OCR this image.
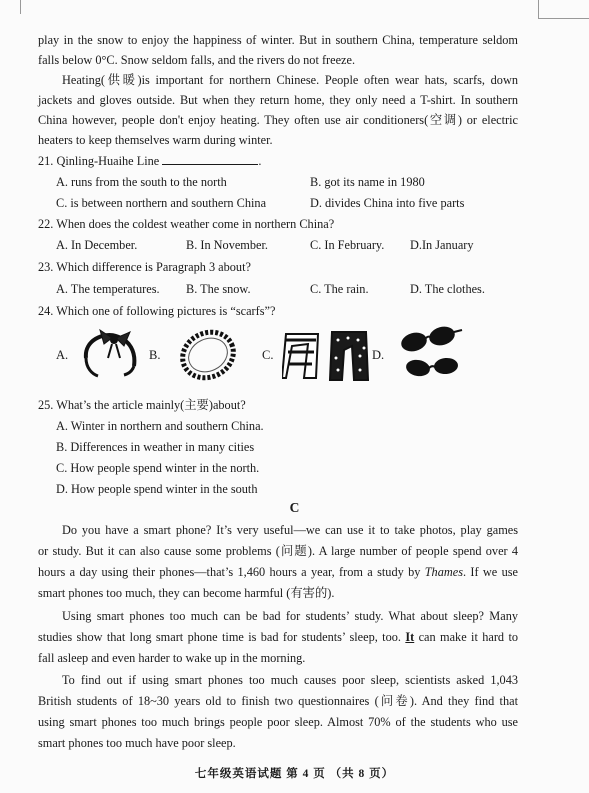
play in the snow to enjoy the happiness of winter. But in southern China, temperature seldom
falls below 0°C. Snow seldom falls, and the rivers do not freeze.
Heating(供暖)is important for northern Chinese. People often wear hats, scarfs, down
jackets and gloves outside. But when they return home, they only need a T-shirt. In southern
China however, people don't enjoy heating. They often use air conditioners(空调) or electric
heaters to keep themselves warm during winter.
21. Qinling-Huaihe Line	.
A. runs from the south to the north	B. got its name in 1980
C. is between northern and southern China	D. divides China into five parts
22. When does the coldest weather come in northern China?
A. In December.	B. In November.	C. In February. D.In January
23. Which difference is Paragraph 3 about?
A. The temperatures. B. The snow.	C. The rain.	D. The clothes.
24. Which one of following pictures is “scarfs”?
A.	B.	C.	D.
25. What’s the article mainly(主要)about?
A. Winter in northern and southern China.
B. Differences in weather in many cities
C. How people spend winter in the north.
D. How people spend winter in the south
C
Do you have a smart phone? It’s very useful—we can use it to take photos, play games
or study. But it can also cause some problems (问题). A large number of people spend over 4
hours a day using their phones—that’s 1,460 hours a year, from a study by Thames. If we use
smart phones too much, they can become harmful (有害的).
Using smart phones too much can be bad for students’ study. What about sleep? Many
studies show that long smart phone time is bad for students’ sleep, too. It can make it hard to
fall asleep and even harder to wake up in the morning.
To find out if using smart phones too much causes poor sleep, scientists asked 1,043
British students of 18~30 years old to finish two questionnaires (问卷). And they find that
using smart phones too much brings people poor sleep. Almost 70% of the students who use
smart phones too much have poor sleep.
七年级英语试题 第 4 页 （共 8 页）
